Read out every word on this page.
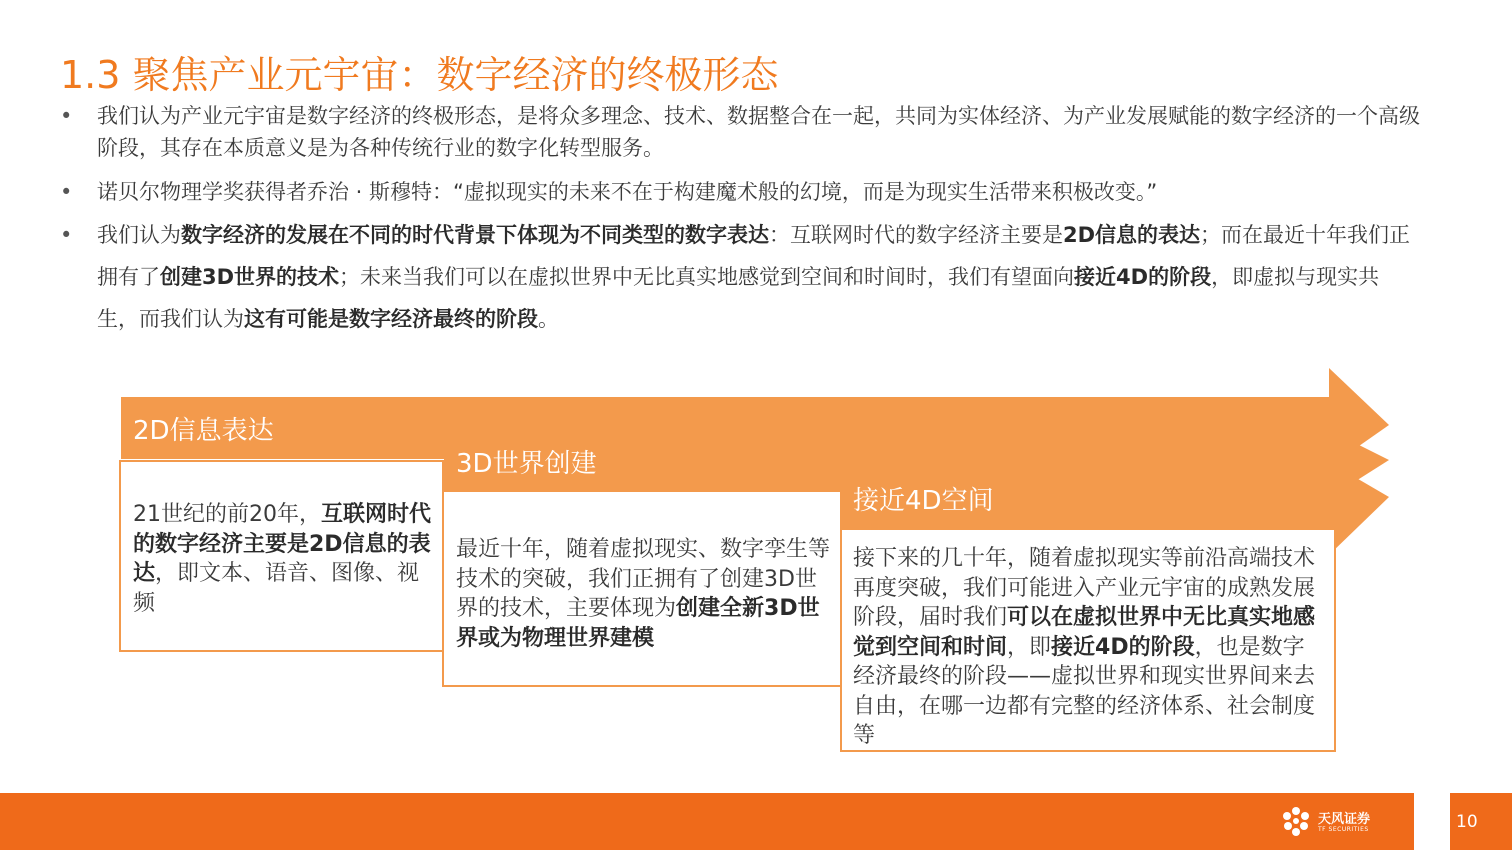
1.3 聚焦产业元宇宙：数字经济的终极形态
•	我们认为产业元宇宙是数字经济的终极形态，是将众多理念、技术、数据整合在一起，共同为实体经济、为产业发展赋能的数字经济的一个高级阶段，其存在本质意义是为各种传统行业的数字化转型服务。
•	诺贝尔物理学奖获得者乔治 · 斯穆特：“虚拟现实的未来不在于构建魔术般的幻境，而是为现实生活带来积极改变。”
•	我们认为数字经济的发展在不同的时代背景下体现为不同类型的数字表达：互联网时代的数字经济主要是2D信息的表达；而在最近十年我们正拥有了创建3D世界的技术；未来当我们可以在虚拟世界中无比真实地感觉到空间和时间时，我们有望面向接近4D的阶段，即虚拟与现实共生，而我们认为这有可能是数字经济最终的阶段。
2D信息表达
21世纪的前20年，互联网时代的数字经济主要是2D信息的表达，即文本、语音、图像、视频
3D世界创建
最近十年，随着虚拟现实、数字孪生等技术的突破，我们正拥有了创建3D世界的技术，主要体现为创建全新3D世界或为物理世界建模
接近4D空间
接下来的几十年，随着虚拟现实等前沿高端技术再度突破，我们可能进入产业元宇宙的成熟发展阶段，届时我们可以在虚拟世界中无比真实地感觉到空间和时间，即接近4D的阶段，也是数字经济最终的阶段——虚拟世界和现实世界间来去自由，在哪一边都有完整的经济体系、社会制度等
资料来源：恒信东方公众号、复旦大数据研究院公众号、亿信华辰公众号、VRPinea公众号、天风证券研究所
天风证券
TF SECURITIES	10
